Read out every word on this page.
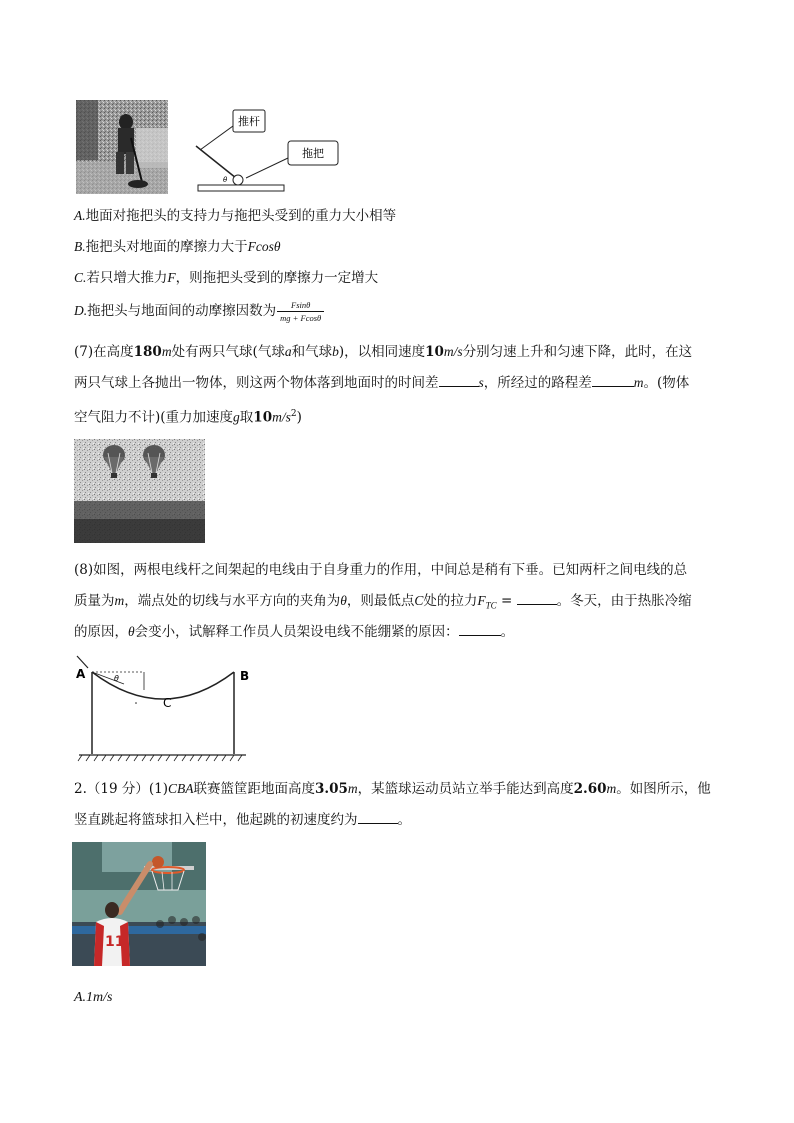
推杆
拖把
θ
A.地面对拖把头的支持力与拖把头受到的重力大小相等
B.拖把头对地面的摩擦力大于Fcosθ
C.若只增大推力F，则拖把头受到的摩擦力一定增大
D.拖把头与地面间的动摩擦因数为 $\frac{Fsin\theta}{mg + Fcos\theta}$
(7)在高度180m处有两只气球(气球a和气球b)，以相同速度10m/s分别匀速上升和匀速下降，此时，在这
两只气球上各抛出一物体，则这两个物体落到地面时的时间差	s，所经过的路程差	m。(物体
空气阻力不计)(重力加速度g取$10m/s^2$)
(8)如图，两根电线杆之间架起的电线由于自身重力的作用，中间总是稍有下垂。已知两杆之间电线的总
质量为m，端点处的切线与水平方向的夹角为θ，则最低点C处的拉力$F_{TC}$ =	。冬天，由于热胀冷缩
的原因，θ会变小，试解释工作员人员架设电线不能绷紧的原因：	。
A	B
θ
C
2.（19 分）(1)CBA联赛篮筐距地面高度3.05m，某篮球运动员站立举手能达到高度2.60m。如图所示，他
竖直跳起将篮球扣入栏中，他起跳的初速度约为	。
11
A.1m/s
